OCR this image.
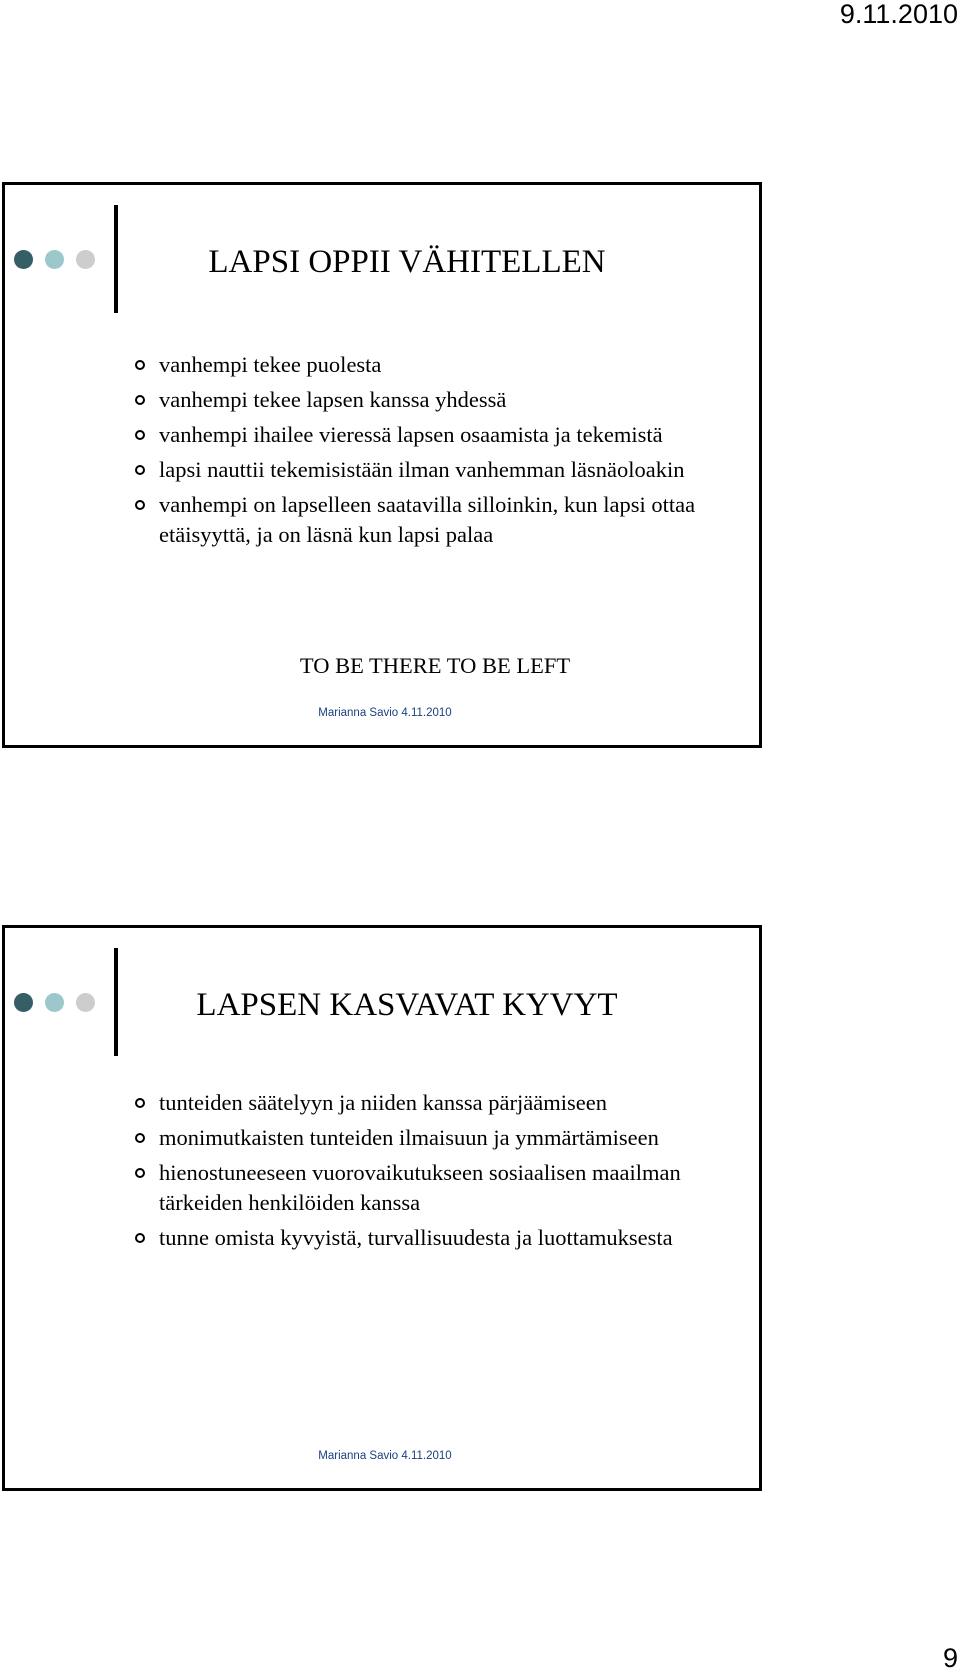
9.11.2010
LAPSI OPPII VÄHITELLEN
vanhempi tekee puolesta
vanhempi tekee lapsen kanssa yhdessä
vanhempi ihailee vieressä lapsen osaamista ja tekemistä
lapsi nauttii tekemisistään ilman vanhemman läsnäoloakin
vanhempi on lapselleen saatavilla silloinkin, kun lapsi ottaa etäisyyttä, ja on läsnä kun lapsi palaa
TO BE THERE TO BE LEFT
Marianna Savio 4.11.2010
LAPSEN KASVAVAT KYVYT
tunteiden säätelyyn ja niiden kanssa pärjäämiseen
monimutkaisten tunteiden ilmaisuun ja ymmärtämiseen
hienostuneeseen vuorovaikutukseen sosiaalisen maailman tärkeiden henkilöiden kanssa
tunne omista kyvyistä, turvallisuudesta ja luottamuksesta
Marianna Savio 4.11.2010
9
